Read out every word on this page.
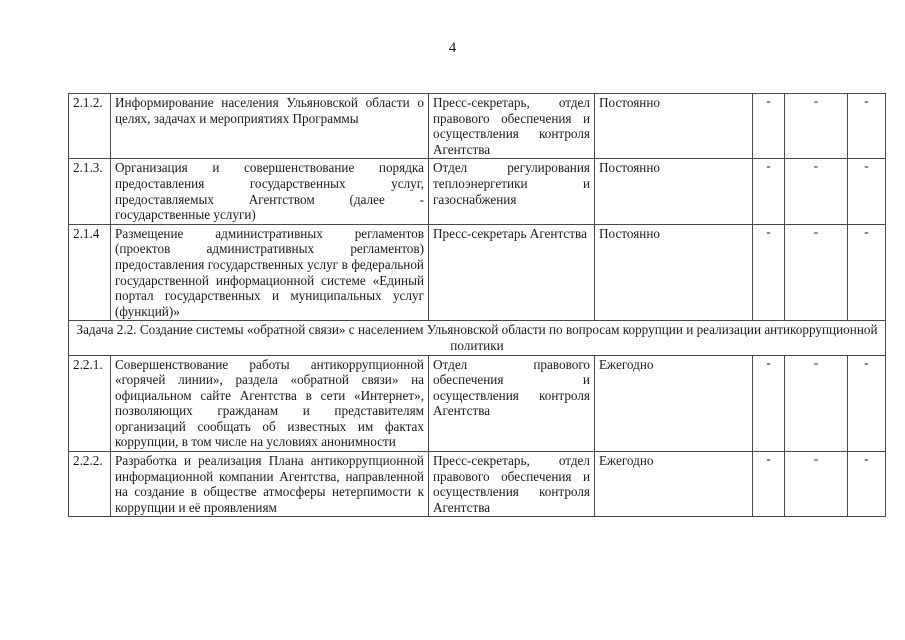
4
2.1.2.	Информирование населения Ульяновской области о целях, задачах и мероприятиях Программы	Пресс-секретарь, отдел правового обеспечения и осуществления контроля Агентства	Постоянно	-	-	-
2.1.3.	Организация и совершенствование порядка предоставления государственных услуг, предоставляемых Агентством (далее - государственные услуги)	Отдел регулирования теплоэнергетики и газоснабжения	Постоянно	-	-	-
2.1.4	Размещение административных регламентов (проектов административных регламентов) предоставления государственных услуг в федеральной государственной информационной системе «Единый портал государственных и муниципальных услуг (функций)»	Пресс-секретарь Агентства	Постоянно	-	-	-
Задача 2.2. Создание системы «обратной связи» с населением Ульяновской области по вопросам коррупции и реализации антикоррупционной политики						
2.2.1.	Совершенствование работы антикоррупционной «горячей линии», раздела «обратной связи» на официальном сайте Агентства в сети «Интернет», позволяющих гражданам и представителям организаций сообщать об известных им фактах коррупции, в том числе на условиях анонимности	Отдел правового обеспечения и осуществления контроля Агентства	Ежегодно	-	-	-
2.2.2.	Разработка и реализация Плана антикоррупционной информационной компании Агентства, направленной на создание в обществе атмосферы нетерпимости к коррупции и её проявлениям	Пресс-секретарь, отдел правового обеспечения и осуществления контроля Агентства	Ежегодно	-	-	-
